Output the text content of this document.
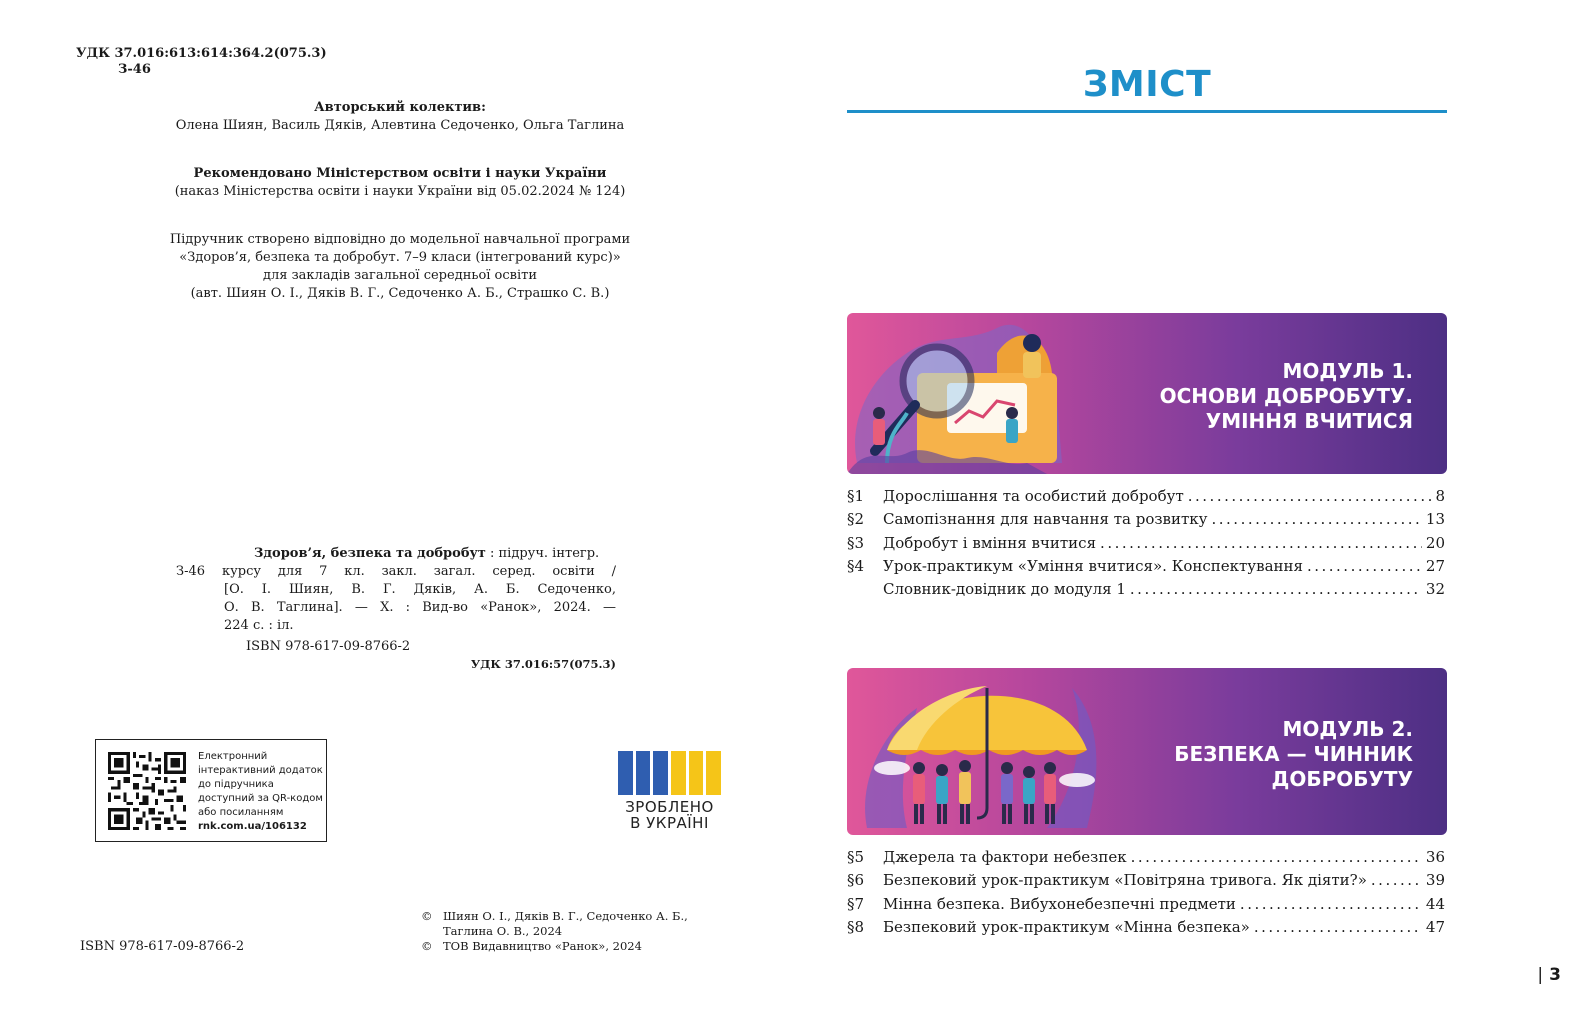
УДК 37.016:613:614:364.2(075.3)
З-46
Авторський колектив:
Олена Шиян, Василь Дяків, Алевтина Седоченко, Ольга Таглина
Рекомендовано Міністерством освіти і науки України
(наказ Міністерства освіти і науки України від 05.02.2024 № 124)
Підручник створено відповідно до модельної навчальної програми
«Здоров’я, безпека та добробут. 7–9 класи (інтегрований курс)»
для закладів загальної середньої освіти
(авт. Шиян О. І., Дяків В. Г., Седоченко А. Б., Страшко С. В.)
Здоров’я, безпека та добробут : підруч. інтегр.
З-46	курсу для 7 кл. закл. загал. серед. освіти /
[О. І. Шиян, В. Г. Дяків, А. Б. Седоченко,
О. В. Таглина]. — Х. : Вид-во «Ранок», 2024. —
224 с. : іл.
ISBN 978-617-09-8766-2
УДК 37.016:57(075.3)
Електронний
інтерактивний додаток
до підручника
доступний за QR-кодом
або посиланням
rnk.com.ua/106132
ЗРОБЛЕНО
В УКРАЇНІ
© Шиян О. І., Дяків В. Г., Седоченко А. Б.,
Таглина О. В., 2024
© ТОВ Видавництво «Ранок», 2024
ISBN 978-617-09-8766-2
ЗМІСТ
МОДУЛЬ 1.
ОСНОВИ ДОБРОБУТУ.
УМІННЯ ВЧИТИСЯ
§1	Дорослішання та особистий добробут .....	8
§2	Самопізнання для навчання та розвитку .....	13
§3	Добробут і вміння вчитися .....	20
§4	Урок-практикум «Уміння вчитися». Конспектування .....	27
Словник-довідник до модуля 1 .....	32
МОДУЛЬ 2.
БЕЗПЕКА — ЧИННИК
ДОБРОБУТУ
§5	Джерела та фактори небезпек .....	36
§6	Безпековий урок-практикум «Повітряна тривога. Як діяти?» .....	39
§7	Мінна безпека. Вибухонебезпечні предмети .....	44
§8	Безпековий урок-практикум «Мінна безпека» .....	47
| 3
